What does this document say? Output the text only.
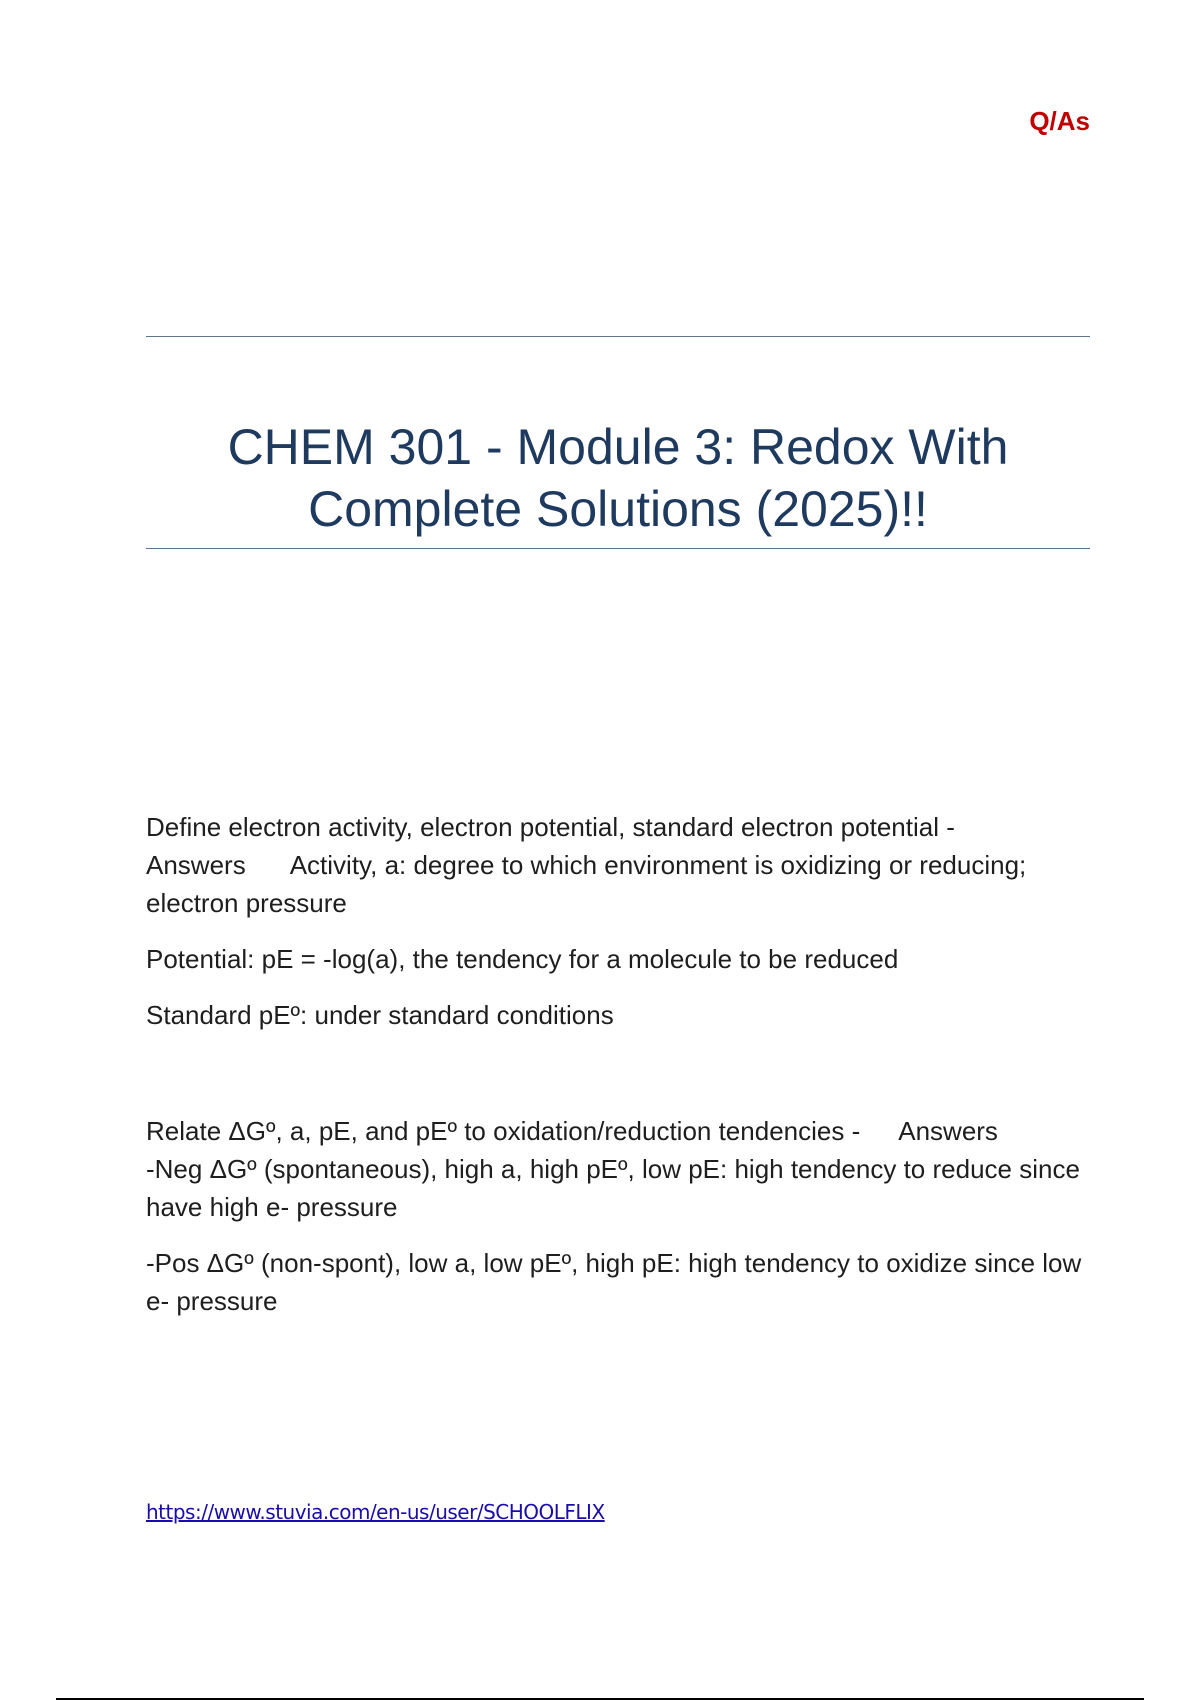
Q/As
CHEM 301 - Module 3: Redox With
Complete Solutions (2025)!!

Define electron activity, electron potential, standard electron potential -
Answers Activity, a: degree to which environment is oxidizing or reducing; electron pressure

Potential: pE = -log(a), the tendency for a molecule to be reduced

Standard pEº: under standard conditions

Relate ΔGº, a, pE, and pEº to oxidation/reduction tendencies - Answers
-Neg ΔGº (spontaneous), high a, high pEº, low pE: high tendency to reduce since have high e- pressure

-Pos ΔGº (non-spont), low a, low pEº, high pE: high tendency to oxidize since low e- pressure

https://www.stuvia.com/en-us/user/SCHOOLFLIX
